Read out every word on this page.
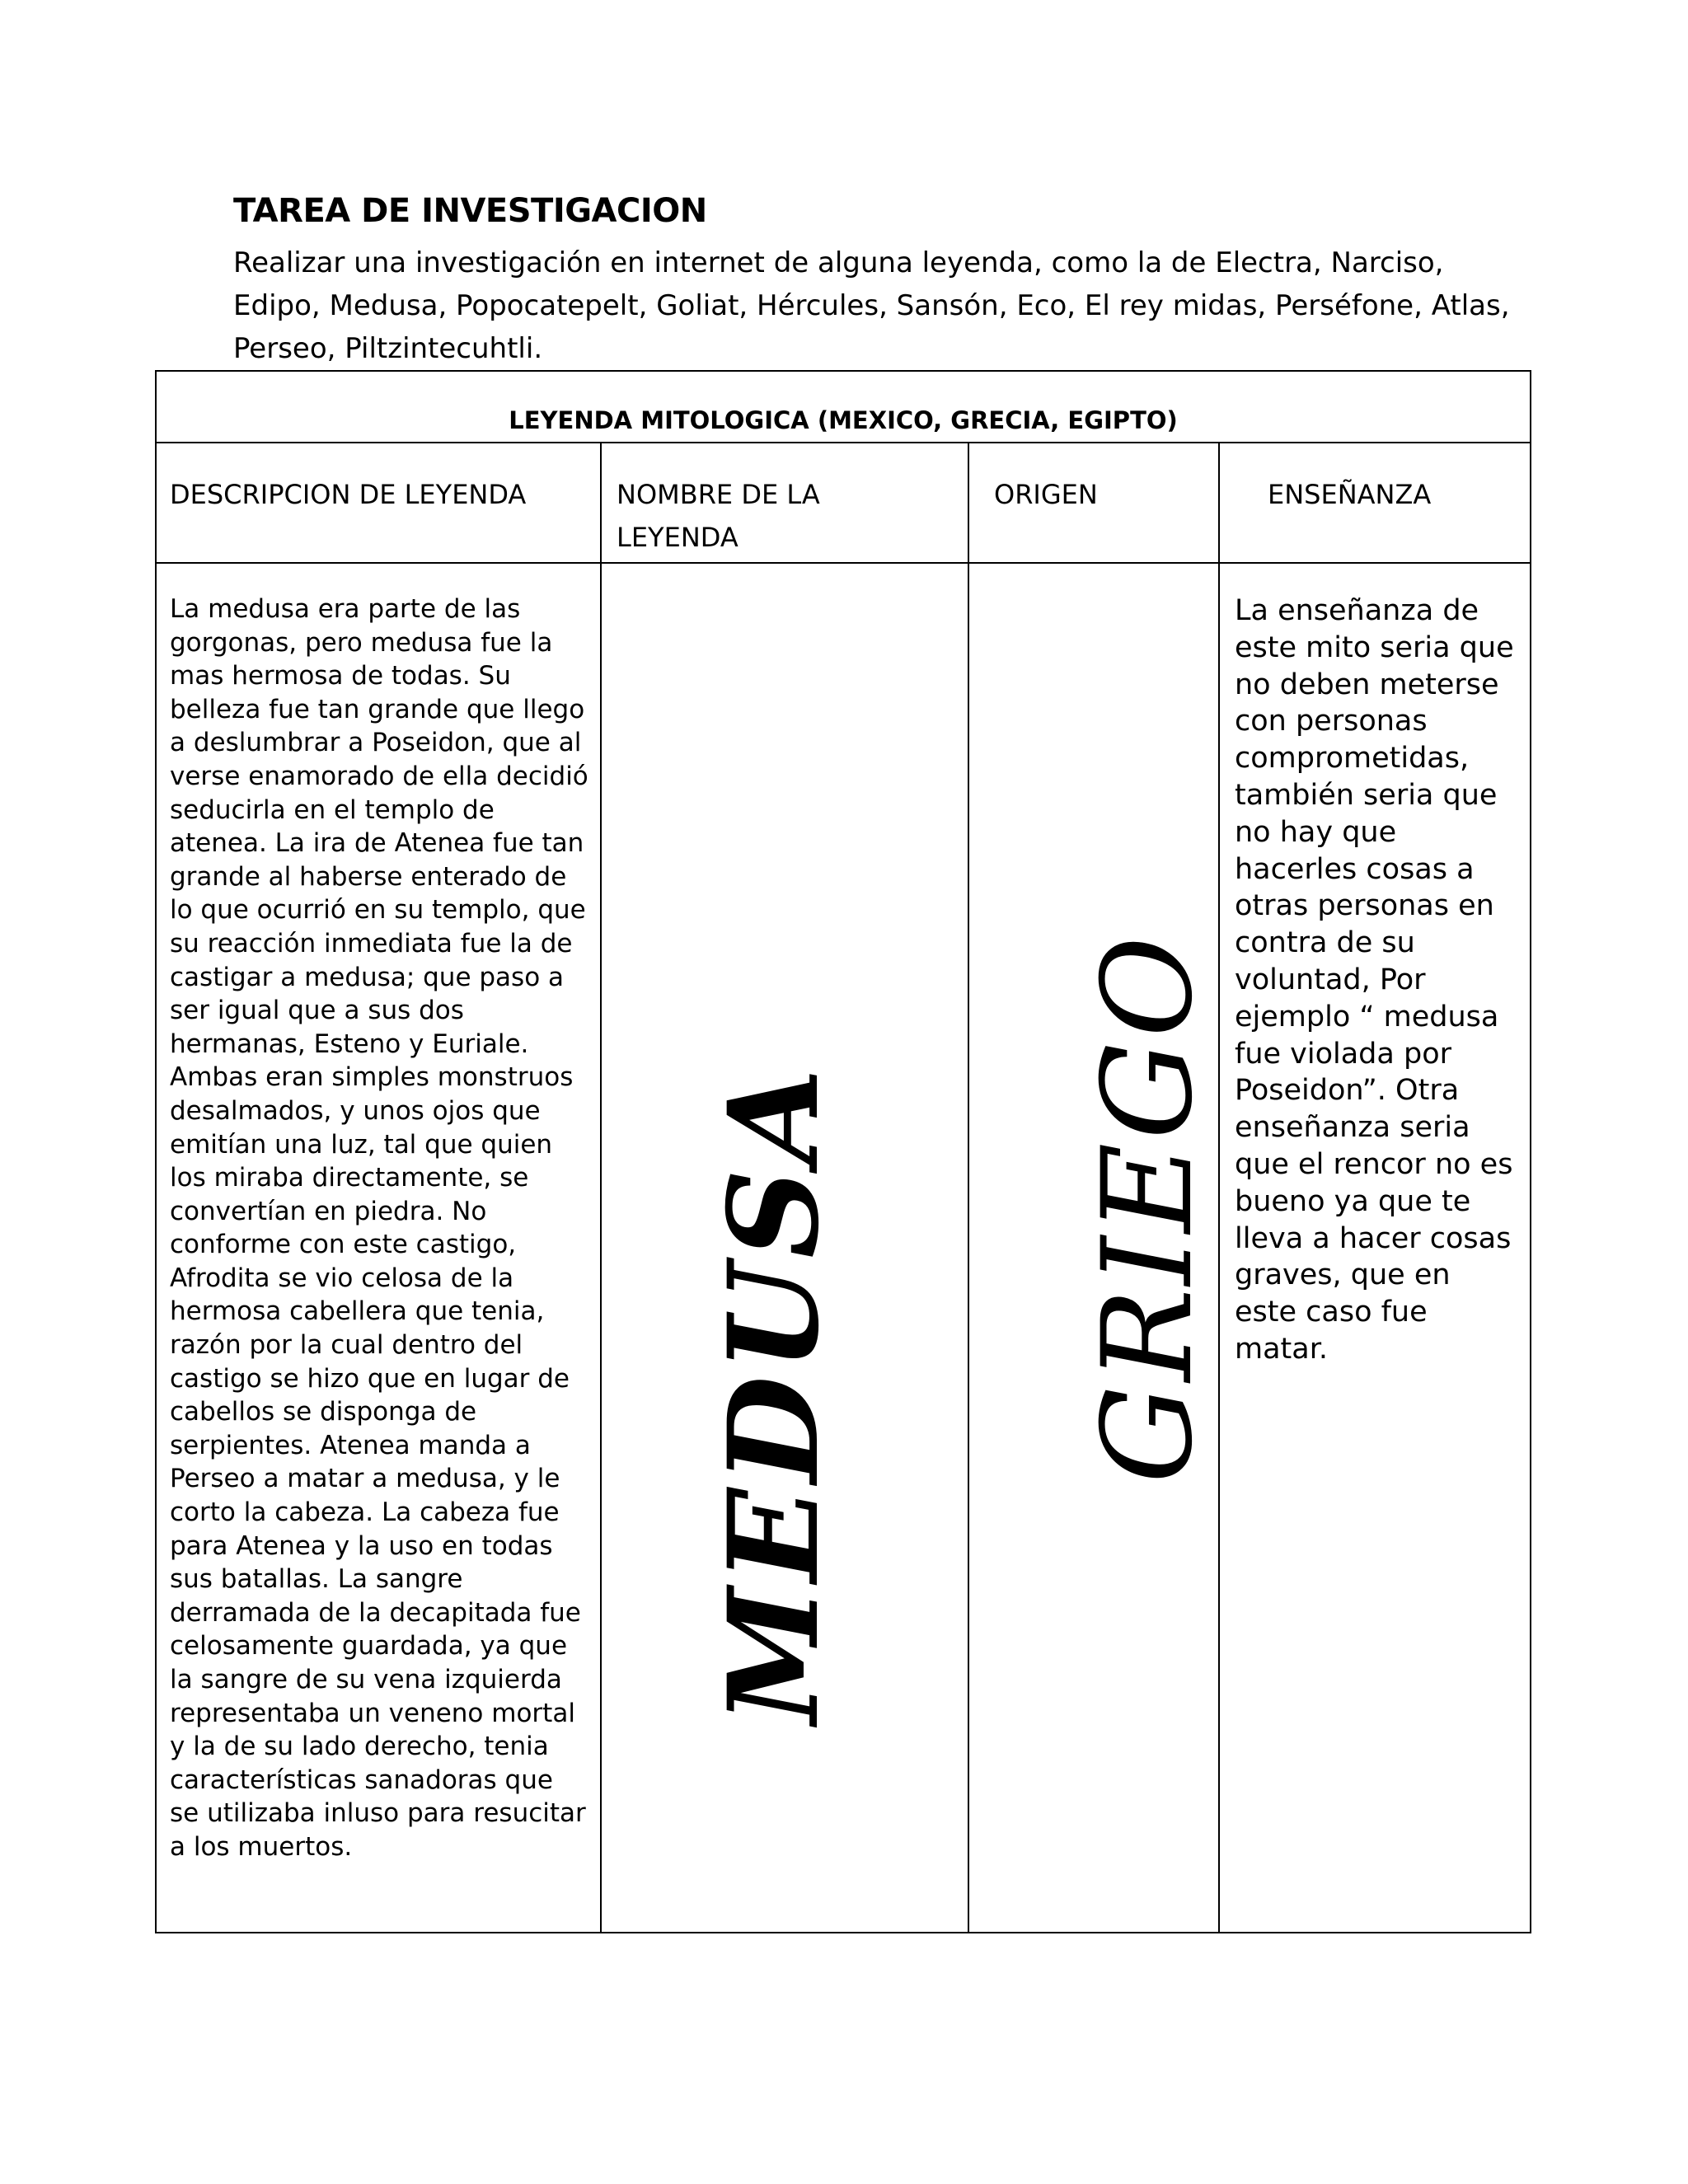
TAREA DE INVESTIGACION
Realizar una investigación en internet de alguna leyenda, como la de Electra, Narciso, Edipo, Medusa, Popocatepelt, Goliat, Hércules, Sansón, Eco, El rey midas, Perséfone, Atlas, Perseo, Piltzintecuhtli.
LEYENDA MITOLOGICA (MEXICO, GRECIA, EGIPTO)
DESCRIPCION DE LEYENDA	NOMBRE DE LA LEYENDA
ORIGEN	ENSEÑANZA
La medusa era parte de las gorgonas, pero medusa fue la mas hermosa de todas. Su belleza fue tan grande que llego a deslumbrar a Poseidon, que al verse enamorado de ella decidió seducirla en el templo de atenea. La ira de Atenea fue tan grande al haberse enterado de lo que ocurrió en su templo, que su reacción inmediata fue la de castigar a medusa; que paso a ser igual que a sus dos hermanas, Esteno y Euriale. Ambas eran simples monstruos desalmados, y unos ojos que emitían una luz, tal que quien los miraba directamente, se convertían en piedra. No conforme con este castigo, Afrodita se vio celosa de la hermosa cabellera que tenia, razón por la cual dentro del castigo se hizo que en lugar de cabellos se disponga de serpientes. Atenea manda a Perseo a matar a medusa, y le corto la cabeza. La cabeza fue para Atenea y la uso en todas sus batallas. La sangre derramada de la decapitada fue celosamente guardada, ya que la sangre de su vena izquierda representaba un veneno mortal y la de su lado derecho, tenia características sanadoras que se utilizaba inluso para resucitar a los muertos.
MEDUSA GRIEGO
La enseñanza de este mito seria que no deben meterse con personas comprometidas, también seria que no hay que hacerles cosas a otras personas en contra de su voluntad, Por ejemplo “ medusa fue violada por Poseidon”. Otra enseñanza seria que el rencor no es bueno ya que te lleva a hacer cosas graves, que en este caso fue matar.
